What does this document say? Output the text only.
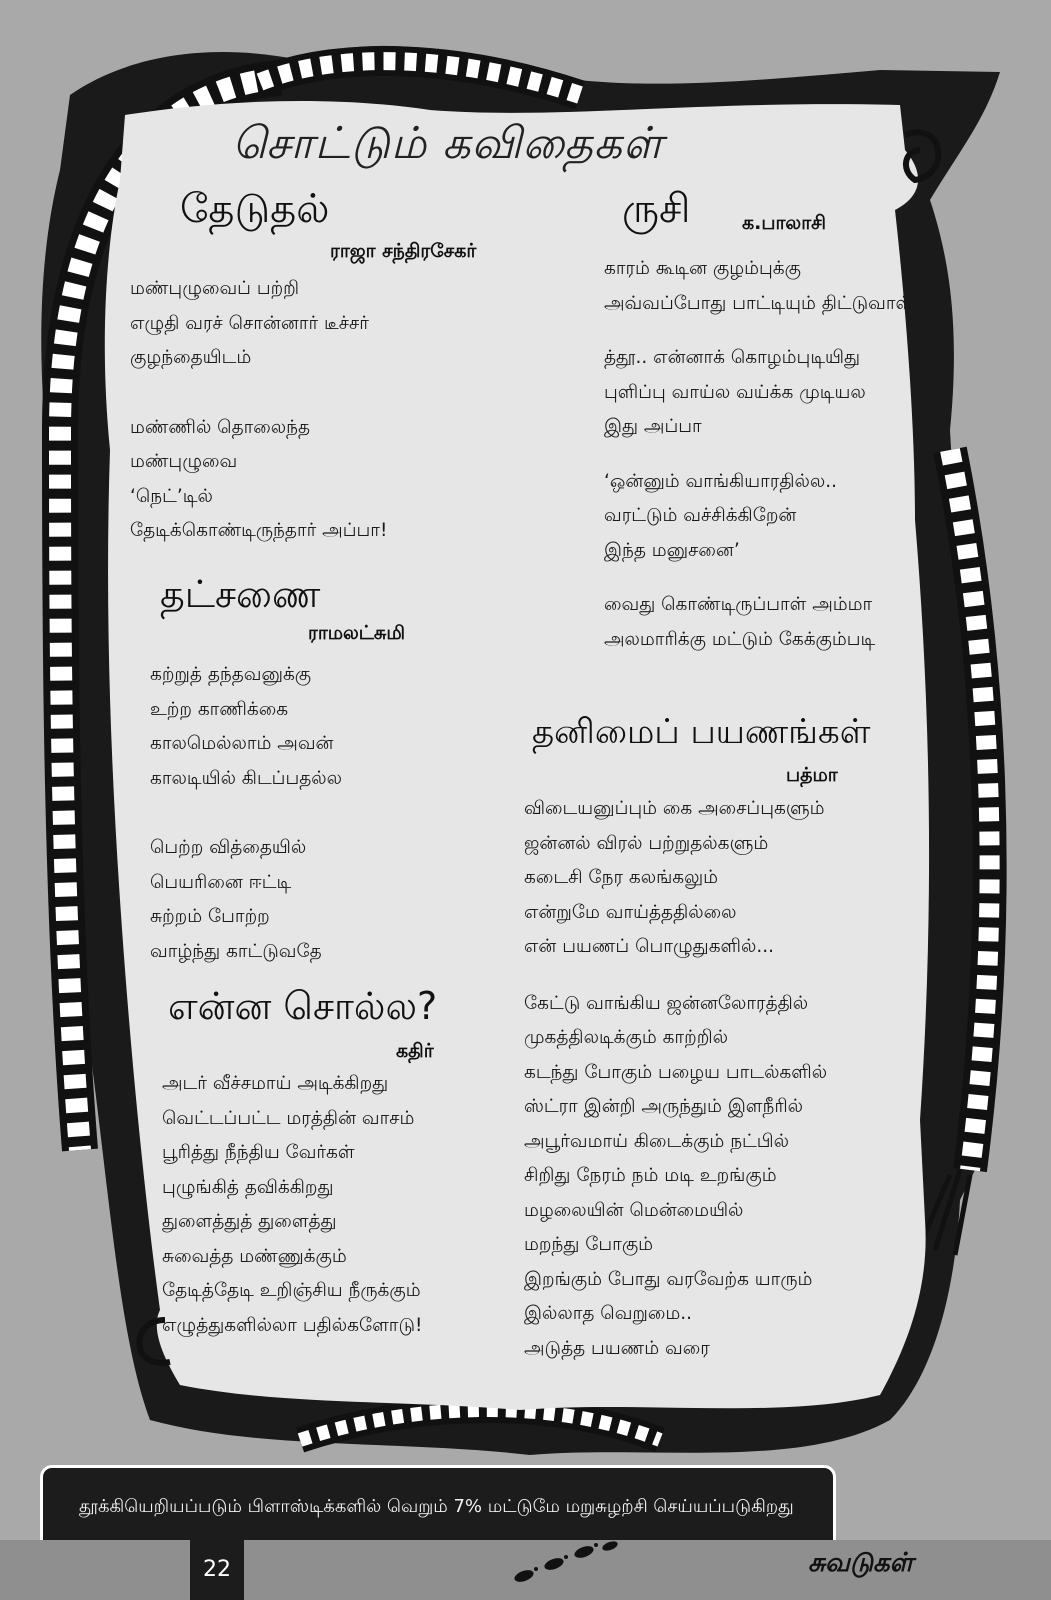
சொட்டும் கவிதைகள்
தேடுதல்
ராஜா சந்திரசேகர்
மண்புழுவைப் பற்றி
எழுதி வரச் சொன்னார் டீச்சர்
குழந்தையிடம்
மண்ணில் தொலைந்த
மண்புழுவை
‘நெட்’டில்
தேடிக்கொண்டிருந்தார் அப்பா!
தட்சணை
ராமலட்சுமி
கற்றுத் தந்தவனுக்கு
உற்ற காணிக்கை
காலமெல்லாம் அவன்
காலடியில் கிடப்பதல்ல
பெற்ற வித்தையில்
பெயரினை ஈட்டி
சுற்றம் போற்ற
வாழ்ந்து காட்டுவதே
என்ன சொல்ல?
கதிர்
அடர் வீச்சமாய் அடிக்கிறது
வெட்டப்பட்ட மரத்தின் வாசம்
பூரித்து நீந்திய வேர்கள்
புழுங்கித் தவிக்கிறது
துளைத்துத் துளைத்து
சுவைத்த மண்ணுக்கும்
தேடித்தேடி உறிஞ்சிய நீருக்கும்
எழுத்துகளில்லா பதில்களோடு!
ருசி	க.பாலாசி
காரம் கூடின குழம்புக்கு
அவ்வப்போது பாட்டியும் திட்டுவாள்
த்தூ.. என்னாக் கொழம்புடியிது
புளிப்பு வாய்ல வய்க்க முடியல
இது அப்பா
‘ஒன்னும் வாங்கியாரதில்ல..
வரட்டும் வச்சிக்கிறேன்
இந்த மனுசனை’
வைது கொண்டிருப்பாள் அம்மா
அலமாரிக்கு மட்டும் கேக்கும்படி
தனிமைப் பயணங்கள்
பத்மா
விடையனுப்பும் கை அசைப்புகளும்
ஜன்னல் விரல் பற்றுதல்களும்
கடைசி நேர கலங்கலும்
என்றுமே வாய்த்ததில்லை
என் பயணப் பொழுதுகளில்...
கேட்டு வாங்கிய ஜன்னலோரத்தில்
முகத்திலடிக்கும் காற்றில்
கடந்து போகும் பழைய பாடல்களில்
ஸ்ட்ரா இன்றி அருந்தும் இளநீரில்
அபூர்வமாய் கிடைக்கும் நட்பில்
சிறிது நேரம் நம் மடி உறங்கும்
மழலையின் மென்மையில்
மறந்து போகும்
இறங்கும் போது வரவேற்க யாரும்
இல்லாத வெறுமை..
அடுத்த பயணம் வரை
தூக்கியெறியப்படும் பிளாஸ்டிக்களில் வெறும் 7% மட்டுமே மறுசுழற்சி செய்யப்படுகிறது
22	சுவடுகள்
